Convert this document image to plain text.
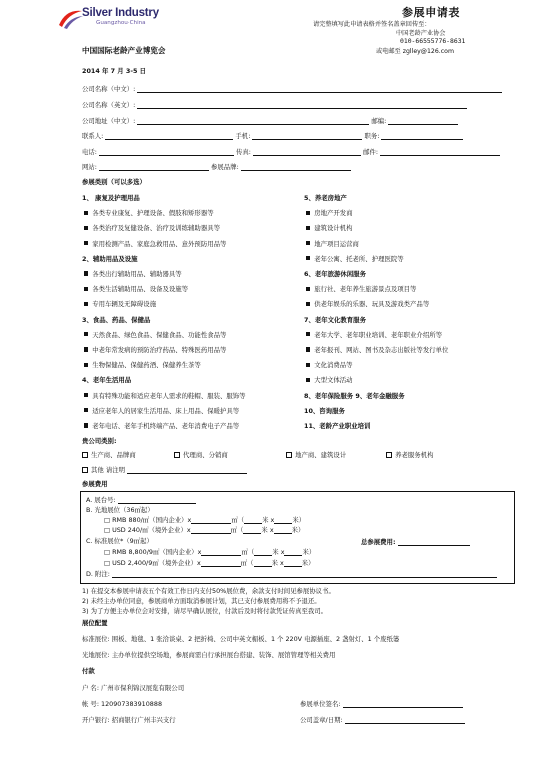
Silver Industry
Guangzhou·China
参展申请表
请完整填写此申请表格并签名盖章回传至：
中国老龄产业协会
010-66555776-8631
或电邮至 zglley@126.com
中国国际老龄产业博览会
2014 年 7 月 3-5 日
公司名称（中文）:
公司名称（英文）:
公司地址（中文）:	邮编:
联系人:	手机:	职务:
电话:	传真:	邮件:
网站:	参展品牌:
参展类别（可以多选）
1、 康复及护理用品
各类专业康复、护理设备、假肢和矫形器等
各类治疗及复健设备、治疗及训练辅助器具等
家用检测产品、家庭急救用品、意外预防用品等
2、辅助用品及设施
各类出行辅助用品、辅助器具等
各类生活辅助用品、设备及设施等
专用车辆及无障碍设施
3、食品、药品、保健品
天然食品、绿色食品、保健食品、功能性食品等
中老年常发病的预防治疗药品、特殊医药用品等
生物保健品、保健药酒、保健养生茶等
4、老年生活用品
具有特殊功能和适应老年人需求的鞋帽、服装、服饰等
适应老年人的居家生活用品、床上用品、保暖护具等
老年电话、老年手机终端产品、老年消费电子产品等
5、养老房地产
房地产开发商
建筑设计机构
地产项目运营商
老年公寓、托老所、护理医院等
6、老年旅游休闲服务
旅行社、老年养生旅游景点及项目等
供老年娱乐的乐器、玩具及游戏类产品等
7、老年文化教育服务
老年大学、老年职业培训、老年职业介绍所等
老年报刊、网站、图书及杂志出版社等发行单位
文化消费品等
大型文体活动
8、老年保险服务 9、老年金融服务
10、咨询服务
11、老龄产业职业培训
贵公司类别:
生产商、品牌商	代理商、分销商	地产商、建筑设计	养老服务机构
其他 请注明
参展费用
A. 展台号:
B. 光地展位（36㎡起）
□ RMB 880/㎡（国内企业）x	㎡（	米 x	米）
□ USD 240/㎡（境外企业）x	㎡（	米 x	米）
C. 标准展位*（9㎡起）	总参展费用:
□ RMB 8,800/9㎡（国内企业）x	㎡（	米 x	米）
□ USD 2,400/9㎡（境外企业）x	㎡（	米 x	米）
D. 附注:
1) 在提交本参展申请表五个有效工作日内支付50%展位费，余款支付时间见参展协议书。
2) 未经主办单位同意，参展商单方面取消参展计划，其已支付参展费用将不予退还。
3) 为了方便主办单位会对安排，请尽早确认展位，付款后及时将付款凭证传真至我司。
展位配置
标准展位: 围板、地毯、1 张洽谈桌、2 把折椅、公司中英文楣板、1 个 220V 电源插座、2 盏射灯、1 个废纸篓
光地展位: 主办单位提供空场地，参展商需自行承担展台搭建、装饰、展馆管理等相关费用
付款
户 名: 广州市保利锦汉展览有限公司
帐 号: 120907383910888	参展单位签名:
开户银行: 招商银行广州丰兴支行	公司盖章/日期:
